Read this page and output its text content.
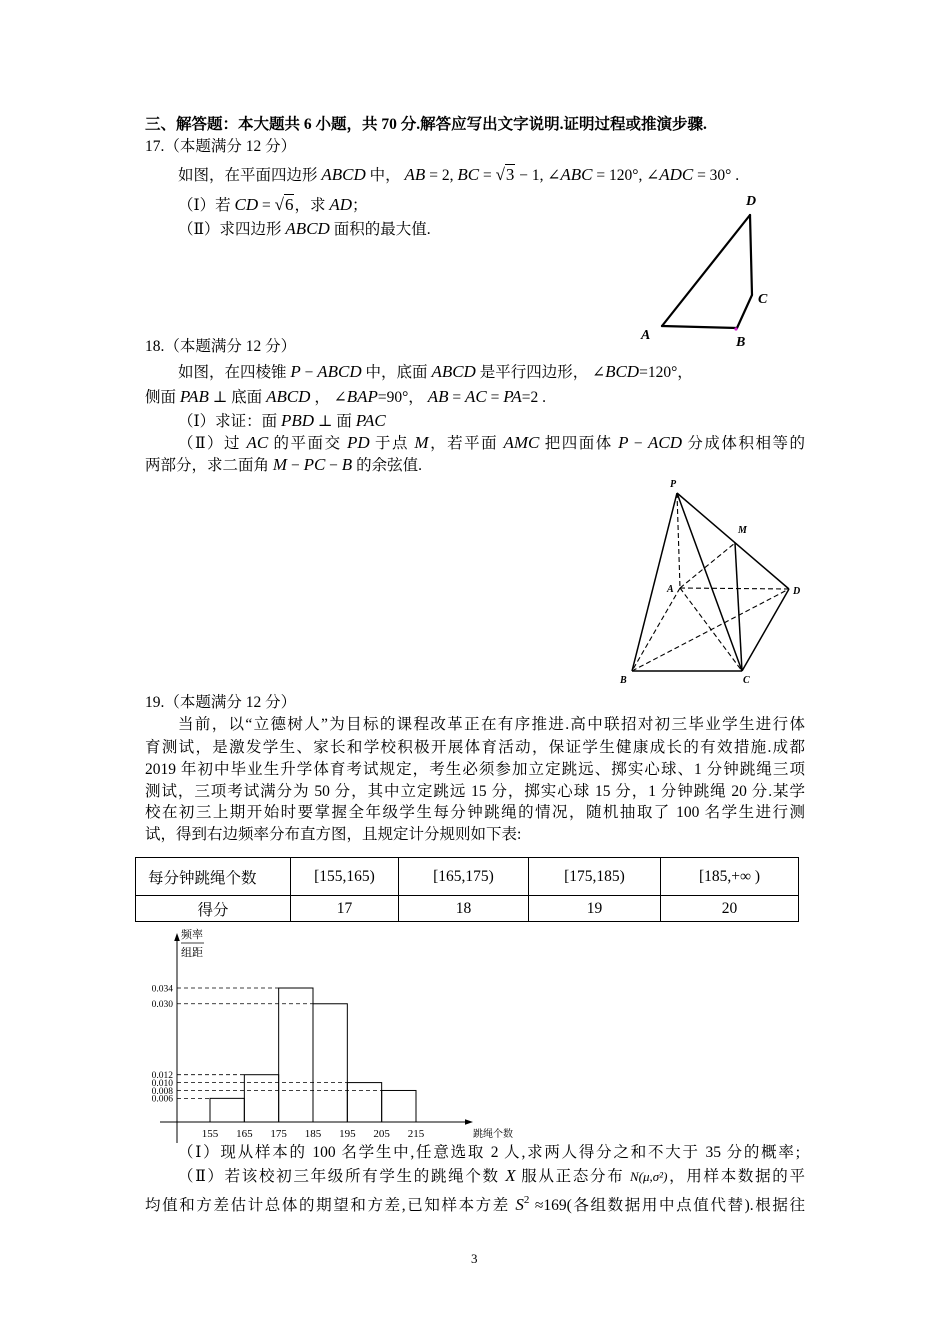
三、解答题：本大题共 6 小题，共 70 分.解答应写出文字说明.证明过程或推演步骤.
17.（本题满分 12 分）
如图，在平面四边形 ABCD 中， AB = 2, BC = √3 − 1, ∠ABC = 120°, ∠ADC = 30° .
（Ⅰ）若 CD = √6，求 AD；
（Ⅱ）求四边形 ABCD 面积的最大值.
D
C
A	B
18.（本题满分 12 分）
如图，在四棱锥 P − ABCD 中，底面 ABCD 是平行四边形， ∠BCD=120°，
侧面 PAB ⊥ 底面 ABCD ， ∠BAP=90°， AB = AC = PA=2 .
（Ⅰ）求证：面 PBD ⊥ 面 PAC
（Ⅱ）过 AC 的平面交 PD 于点 M，若平面 AMC 把四面体 P − ACD 分成体积相等的
两部分，求二面角 M − PC − B 的余弦值.
P
M
A	D
B	C
19.（本题满分 12 分）
当前，以“立德树人”为目标的课程改革正在有序推进.高中联招对初三毕业学生进行体
育测试，是激发学生、家长和学校积极开展体育活动，保证学生健康成长的有效措施.成都
2019 年初中毕业生升学体育考试规定，考生必须参加立定跳远、掷实心球、1 分钟跳绳三项
测试，三项考试满分为 50 分，其中立定跳远 15 分，掷实心球 15 分，1 分钟跳绳 20 分.某学
校在初三上期开始时要掌握全年级学生每分钟跳绳的情况，随机抽取了 100 名学生进行测
试，得到右边频率分布直方图，且规定计分规则如下表:
每分钟跳绳个数	[155,165)	[165,175)	[175,185)	[185,+∞ )
得分	17	18	19	20
频率
组距
跳绳个数
0.034
0.030
0.012
0.010
0.008
0.006
155 165 175 185 195 205 215
（Ⅰ）现从样本的 100 名学生中,任意选取 2 人,求两人得分之和不大于 35 分的概率;
（Ⅱ）若该校初三年级所有学生的跳绳个数 X 服从正态分布 N(μ,σ²)，用样本数据的平
均值和方差估计总体的期望和方差,已知样本方差 $S^2 \approx 169$(各组数据用中点值代替).根据往
3
